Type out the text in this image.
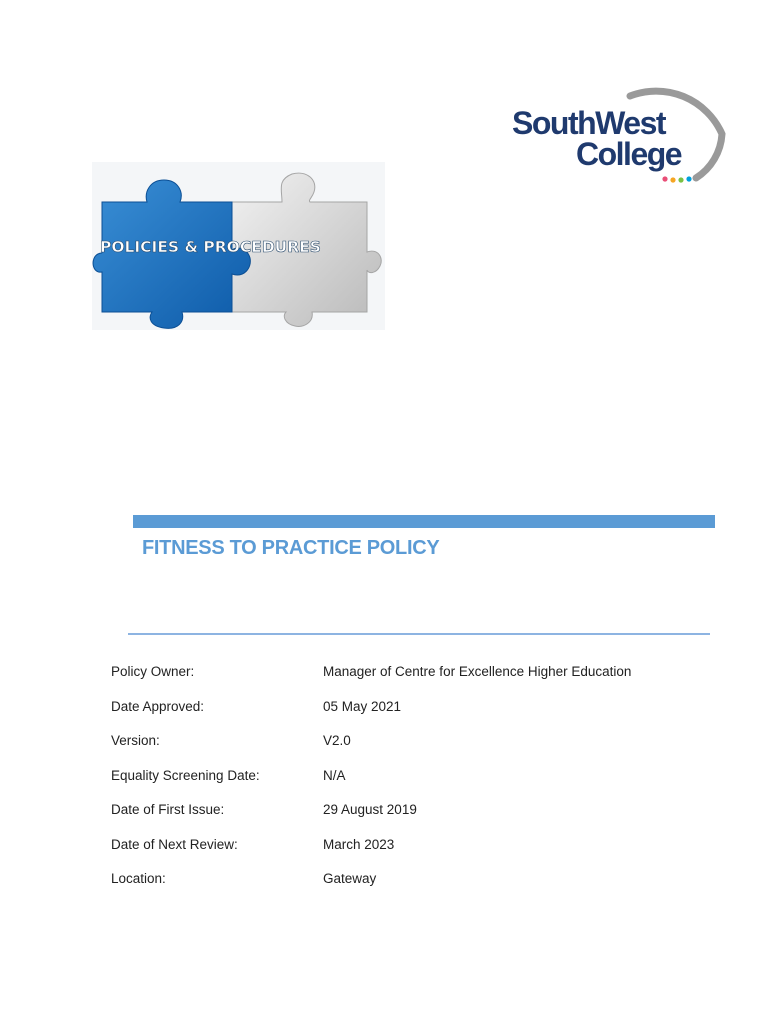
SouthWest
College
POLICIES & PROCEDURES
FITNESS TO PRACTICE POLICY
Policy Owner:	Manager of Centre for Excellence Higher Education
Date Approved:	05 May 2021
Version:	V2.0
Equality Screening Date:	N/A
Date of First Issue:	29 August 2019
Date of Next Review:	March 2023
Location:	Gateway
